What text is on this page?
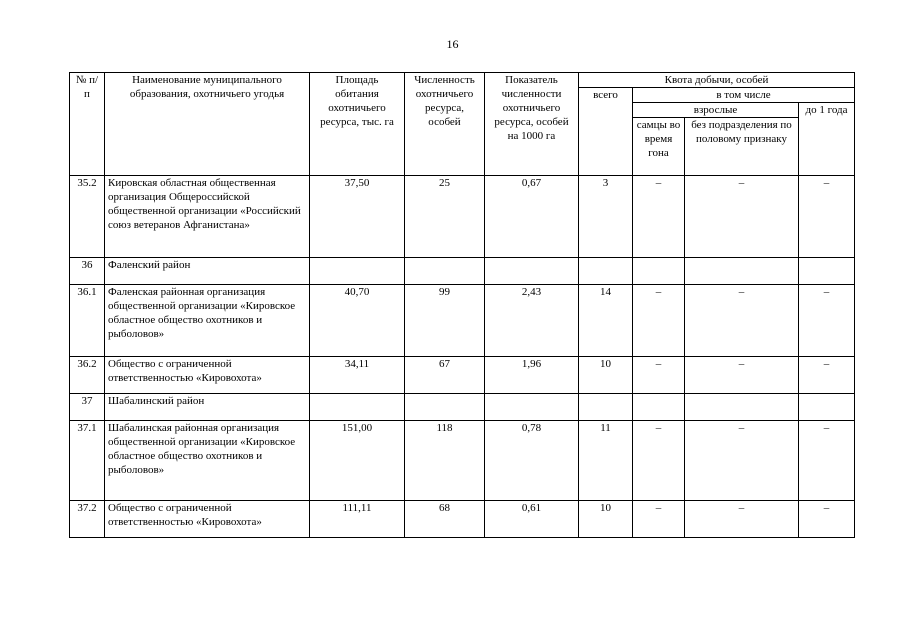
16
№ п/п	Наименование муниципального образования, охотничьего угодья	Площадь обитания охотничьего ресурса, тыс. га	Численность охотничьего ресурса, особей	Показатель численности охотничьего ресурса, особей на 1000 га	Квота добычи, особей			
					всего	в том числе		
						взрослые		до 1 года
						самцы во время гона	без подразделения по половому признаку	
35.2	Кировская областная общественная организация Общероссийской общественной организации «Российский союз ветеранов Афганистана»	37,50	25	0,67	3	–	–	–
36	Фаленский район							
36.1	Фаленская районная организация общественной организации «Кировское областное общество охотников и рыболовов»	40,70	99	2,43	14	–	–	–
36.2	Общество с ограниченной ответственностью «Кировохота»	34,11	67	1,96	10	–	–	–
37	Шабалинский район							
37.1	Шабалинская районная организация общественной организации «Кировское областное общество охотников и рыболовов»	151,00	118	0,78	11	–	–	–
37.2	Общество с ограниченной ответственностью «Кировохота»	111,11	68	0,61	10	–	–	–
